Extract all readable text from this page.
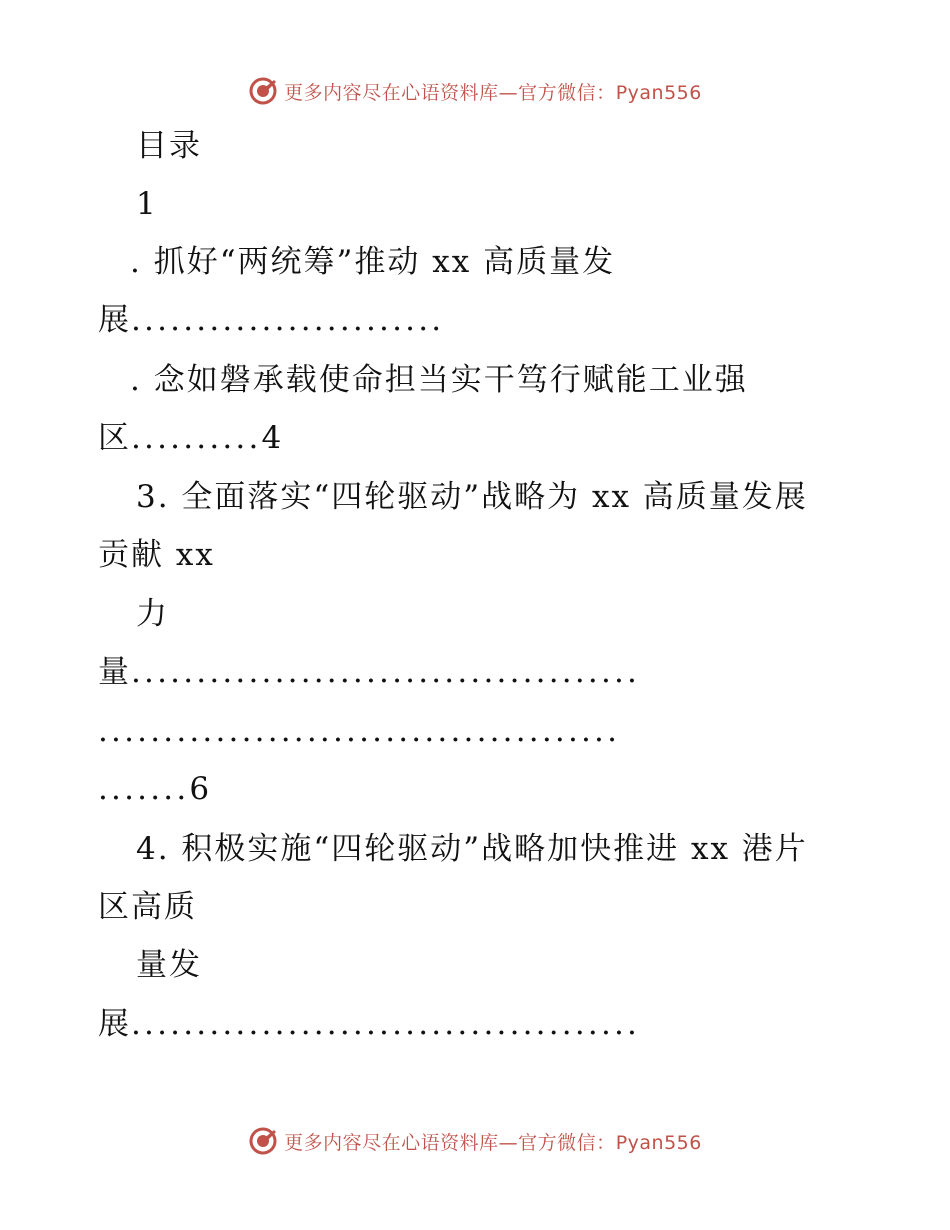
更多内容尽在心语资料库—官方微信：Pyan556
目录
1
. 抓好“两统筹”推动 xx 高质量发
展........................
. 念如磐承载使命担当实干笃行赋能工业强
区..........4
3. 全面落实“四轮驱动”战略为 xx 高质量发展
贡献 xx
力
量.......................................
........................................
.......6
4. 积极实施“四轮驱动”战略加快推进 xx 港片
区高质
量发
展.......................................
更多内容尽在心语资料库—官方微信：Pyan556
